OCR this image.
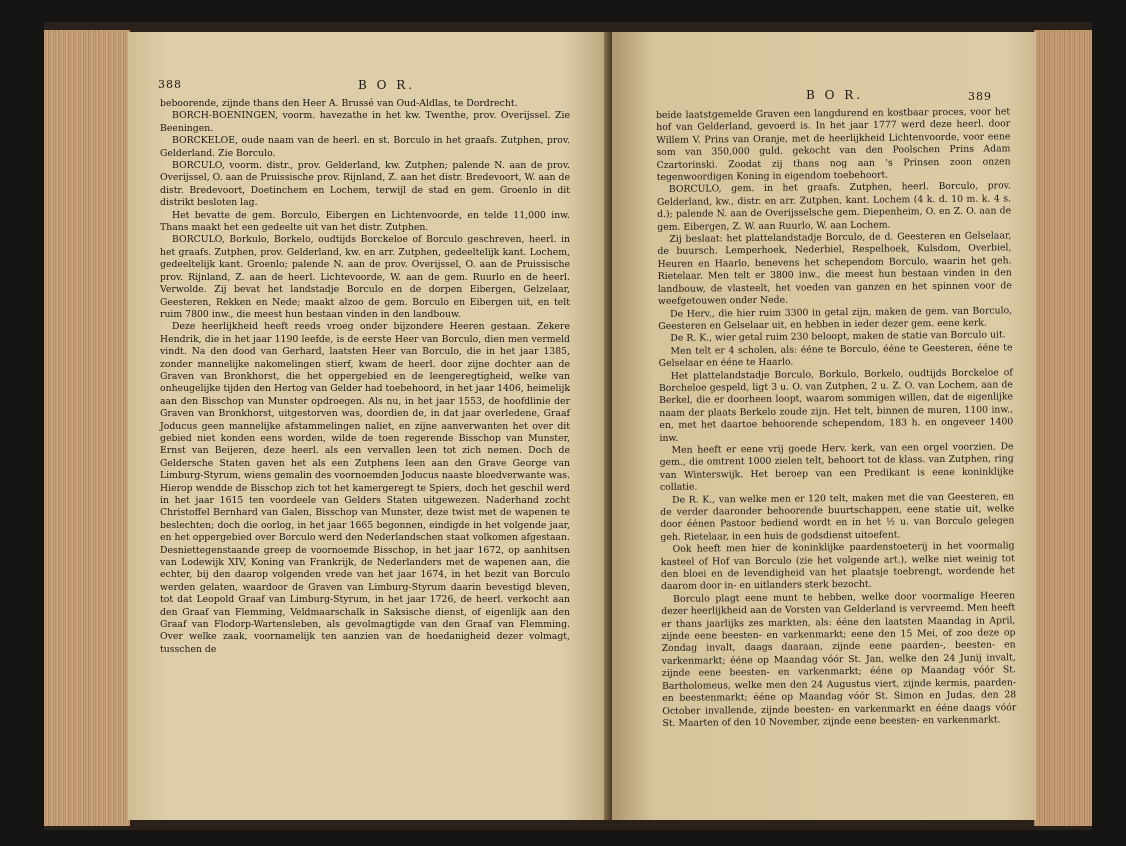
388	B O R.

beboorende, zijnde thans den Heer A. Brussé van Oud-Aldlas, te Dordrecht.

BORCH-BOENINGEN, voorm. havezathe in het kw. Twenthe, prov. Overijssel. Zie Beeningen.

BORCKELOE, oude naam van de heerl. en st. Borculo in het graafs. Zutphen, prov. Gelderland. Zie Borculo.

BORCULO, voorm. distr., prov. Gelderland, kw. Zutphen; palende N. aan de prov. Overijssel, O. aan de Pruissische prov. Rijnland, Z. aan het distr. Bredevoort, W. aan de distr. Bredevoort, Doetinchem en Lochem, terwijl de stad en gem. Groenlo in dit distrikt besloten lag.

Het bevatte de gem. Borculo, Eibergen en Lichtenvoorde, en telde 11,000 inw. Thans maakt het een gedeelte uit van het distr. Zutphen.

BORCULO, Borkulo, Borkelo, oudtijds Borckeloe of Borculo geschreven, heerl. in het graafs. Zutphen, prov. Gelderland, kw. en arr. Zutphen, gedeeltelijk kant. Lochem, gedeeltelijk kant. Groenlo; palende N. aan de prov. Overijssel, O. aan de Pruissische prov. Rijnland, Z. aan de heerl. Lichtevoorde, W. aan de gem. Ruurlo en de heerl. Verwolde. Zij bevat het landstadje Borculo en de dorpen Eibergen, Gelzelaar, Geesteren, Rekken en Nede; maakt alzoo de gem. Borculo en Eibergen uit, en telt ruim 7800 inw., die meest hun bestaan vinden in den landbouw.

Deze heerlijkheid heeft reeds vroeg onder bijzondere Heeren gestaan. Zekere Hendrik, die in het jaar 1190 leefde, is de eerste Heer van Borculo, dien men vermeld vindt. Na den dood van Gerhard, laatsten Heer van Borculo, die in het jaar 1385, zonder mannelijke nakomelingen stierf, kwam de heerl. door zijne dochter aan de Graven van Bronkhorst, die het oppergebied en de leengeregtigheid, welke van onheugelijke tijden den Hertog van Gelder had toebehoord, in het jaar 1406, heimelijk aan den Bisschop van Munster opdroegen. Als nu, in het jaar 1553, de hoofdlinie der Graven van Bronkhorst, uitgestorven was, doordien de, in dat jaar overledene, Graaf Joducus geen mannelijke afstammelingen naliet, en zijne aanverwanten het over dit gebied niet konden eens worden, wilde de toen regerende Bisschop van Munster, Ernst van Beijeren, deze heerl. als een vervallen leen tot zich nemen. Doch de Geldersche Staten gaven het als een Zutphens leen aan den Grave George van Limburg-Styrum, wiens gemalin des voornoemden Joducus naaste bloedverwante was. Hierop wendde de Bisschop zich tot het kamergeregt te Spiers, doch het geschil werd in het jaar 1615 ten voordeele van Gelders Staten uitgewezen. Naderhand zocht Christoffel Bernhard van Galen, Bisschop van Munster, deze twist met de wapenen te beslechten; doch die oorlog, in het jaar 1665 begonnen, eindigde in het volgende jaar, en het oppergebied over Borculo werd den Nederlandschen staat volkomen afgestaan. Desniettegenstaande greep de voornoemde Bisschop, in het jaar 1672, op aanhitsen van Lodewijk XIV, Koning van Frankrijk, de Nederlanders met de wapenen aan, die echter, bij den daarop volgenden vrede van het jaar 1674, in het bezit van Borculo werden gelaten, waardoor de Graven van Limburg-Styrum daarin bevestigd bleven, tot dat Leopold Graaf van Limburg-Styrum, in het jaar 1726, de heerl. verkocht aan den Graaf van Flemming, Veldmaarschalk in Saksische dienst, of eigenlijk aan den Graaf van Flodorp-Wartensleben, als gevolmagtigde van den Graaf van Flemming. Over welke zaak, voornamelijk ten aanzien van de hoedanigheid dezer volmagt, tusschen de

B O R.	389

beide laatstgemelde Graven een langdurend en kostbaar proces, voor het hof van Gelderland, gevoerd is. In het jaar 1777 werd deze heerl. door Willem V. Prins van Oranje, met de heerlijkheid Lichtenvoorde, voor eene som van 350,000 guld. gekocht van den Poolschen Prins Adam Czartorinski. Zoodat zij thans nog aan 's Prinsen zoon onzen tegenwoordigen Koning in eigendom toebehoort.

BORCULO, gem. in het graafs. Zutphen, heerl. Borculo, prov. Gelderland, kw., distr. en arr. Zutphen, kant. Lochem (4 k. d. 10 m. k. 4 s. d.); palende N. aan de Overijsselsche gem. Diepenheim, O. en Z. O. aan de gem. Eibergen, Z. W. aan Ruurlo, W. aan Lochem.

Zij beslaat: het plattelandstadje Borculo, de d. Geesteren en Gelselaar, de buursch. Lemperhoek, Nederbiel, Respelhoek, Kulsdom, Overbiel, Heuren en Haarlo, benevens het schependom Borculo, waarin het geh. Rietelaar. Men telt er 3800 inw., die meest hun bestaan vinden in den landbouw, de vlasteelt, het voeden van ganzen en het spinnen voor de weefgetouwen onder Nede.

De Herv., die hier ruim 3300 in getal zijn, maken de gem. van Borculo, Geesteren en Gelselaar uit, en hebben in ieder dezer gem. eene kerk.

De R. K., wier getal ruim 230 beloopt, maken de statie van Borculo uit.

Men telt er 4 scholen, als: ééne te Borculo, ééne te Geesteren, ééne te Gelselaar en ééne te Haarlo.

Het plattelandstadje Borculo, Borkulo, Borkelo, oudtijds Borckeloe of Borcheloe gespeld, ligt 3 u. O. van Zutphen, 2 u. Z. O. van Lochem, aan de Berkel, die er doorheen loopt, waarom sommigen willen, dat de eigenlijke naam der plaats Berkelo zoude zijn. Het telt, binnen de muren, 1100 inw., en, met het daartoe behoorende schependom, 183 h. en ongeveer 1400 inw.

Men heeft er eene vrij goede Herv. kerk, van een orgel voorzien. De gem., die omtrent 1000 zielen telt, behoort tot de klass. van Zutphen, ring van Winterswijk. Het beroep van een Predikant is eene koninklijke collatie.

De R. K., van welke men er 120 telt, maken met die van Geesteren, en de verder daaronder behoorende buurtschappen, eene statie uit, welke door éénen Pastoor bediend wordt en in het ½ u. van Borculo gelegen geh. Rietelaar, in een huis de godsdienst uitoefent.

Ook heeft men hier de koninklijke paardenstoeterij in het voormalig kasteel of Hof van Borculo (zie het volgende art.), welke niet weinig tot den bloei en de levendigheid van het plaatsje toebrengt, wordende het daarom door in- en uitlanders sterk bezocht.

Borculo plagt eene munt te hebben, welke door voormalige Heeren dezer heerlijkheid aan de Vorsten van Gelderland is vervreemd. Men heeft er thans jaarlijks zes markten, als: ééne den laatsten Maandag in April, zijnde eene beesten- en varkenmarkt; eene den 15 Mei, of zoo deze op Zondag invalt, daags daaraan, zijnde eene paarden-, beesten- en varkenmarkt; ééne op Maandag vóór St. Jan, welke den 24 Junij invalt, zijnde eene beesten- en varkenmarkt; ééne op Maandag vóór St. Bartholomeus, welke men den 24 Augustus viert, zijnde kermis, paarden- en beestenmarkt; ééne op Maandag vóór St. Simon en Judas, den 28 October invallende, zijnde beesten- en varkenmarkt en ééne daags vóór St. Maarten of den 10 November, zijnde eene beesten- en varkenmarkt.
